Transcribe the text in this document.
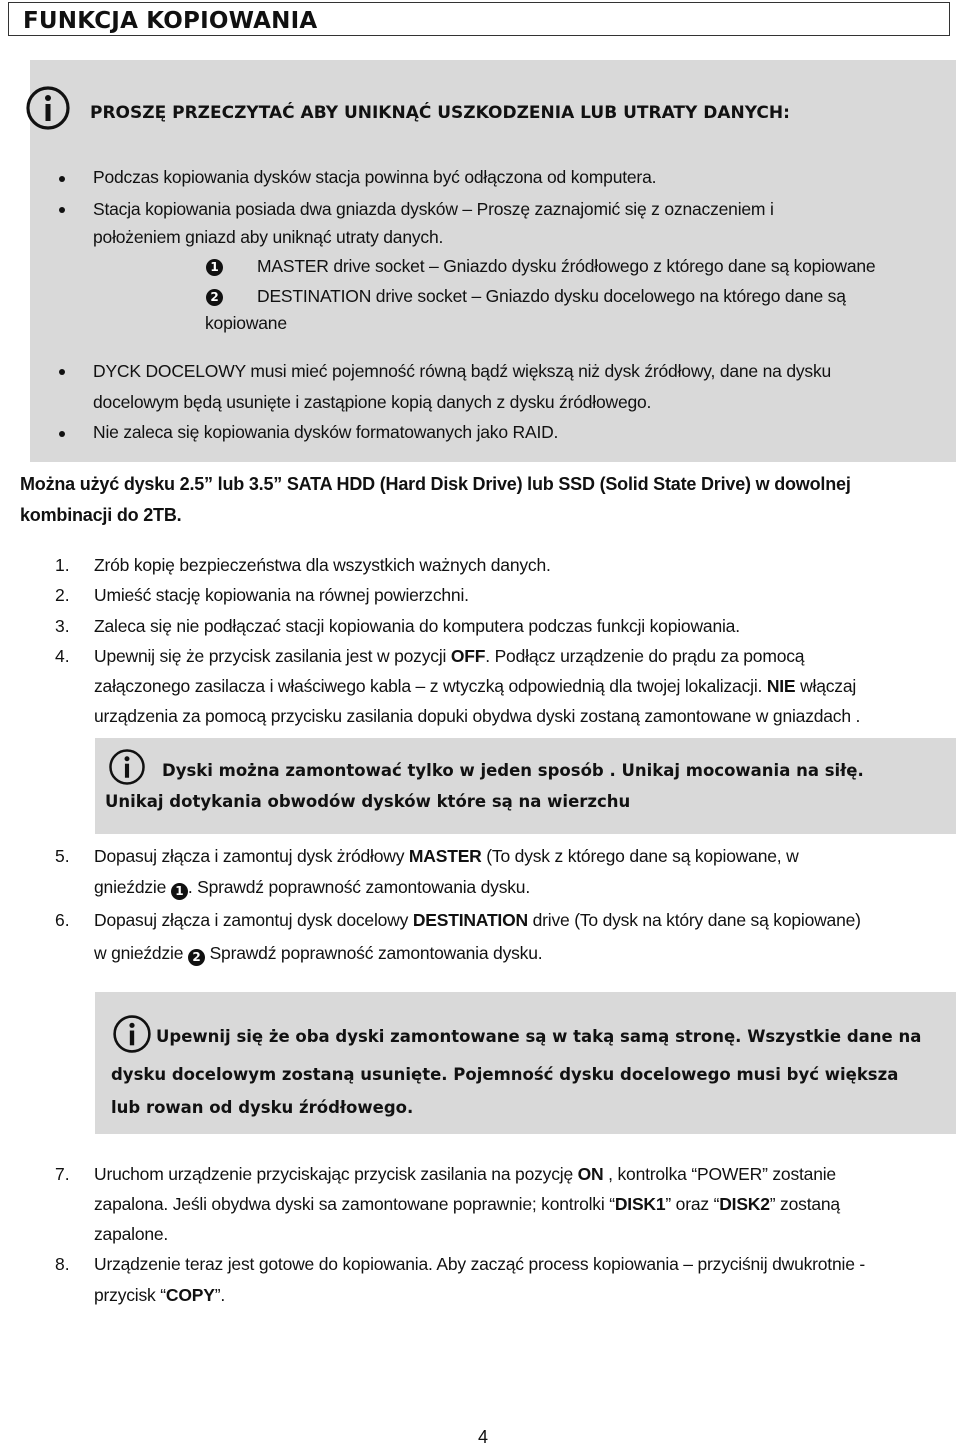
FUNKCJA KOPIOWANIA
PROSZĘ PRZECZYTAĆ ABY UNIKNĄĆ USZKODZENIA LUB UTRATY DANYCH:
Podczas kopiowania dysków stacja powinna być odłączona od komputera.
Stacja kopiowania posiada dwa gniazda dysków – Proszę zaznajomić się z oznaczeniem i
położeniem gniazd aby uniknąć utraty danych.
1 MASTER drive socket – Gniazdo dysku źródłowego z którego dane są kopiowane
2 DESTINATION drive socket – Gniazdo dysku docelowego na którego dane są
kopiowane
DYCK DOCELOWY musi mieć pojemność równą bądź większą niż dysk źródłowy, dane na dysku
docelowym będą usunięte i zastąpione kopią danych z dysku źródłowego.
Nie zaleca się kopiowania dysków formatowanych jako RAID.
Można użyć dysku 2.5” lub 3.5” SATA HDD (Hard Disk Drive) lub SSD (Solid State Drive) w dowolnej
kombinacji do 2TB.
1. Zrób kopię bezpieczeństwa dla wszystkich ważnych danych.
2. Umieść stację kopiowania na równej powierzchni.
3. Zaleca się nie podłączać stacji kopiowania do komputera podczas funkcji kopiowania.
4. Upewnij się że przycisk zasilania jest w pozycji OFF. Podłącz urządzenie do prądu za pomocą
załączonego zasilacza i właściwego kabla – z wtyczką odpowiednią dla twojej lokalizacji. NIE włączaj
urządzenia za pomocą przycisku zasilania dopuki obydwa dyski zostaną zamontowane w gniazdach .
Dyski można zamontować tylko w jeden sposób . Unikaj mocowania na siłę.
Unikaj dotykania obwodów dysków które są na wierzchu
5. Dopasuj złącza i zamontuj dysk żródłowy MASTER (To dysk z którego dane są kopiowane, w
gnieździe 1 . Sprawdź poprawność zamontowania dysku.
6. Dopasuj złącza i zamontuj dysk docelowy DESTINATION drive (To dysk na który dane są kopiowane)
w gnieździe 2 Sprawdź poprawność zamontowania dysku.
Upewnij się że oba dyski zamontowane są w taką samą stronę. Wszystkie dane na
dysku docelowym zostaną usunięte. Pojemność dysku docelowego musi być większa
lub rowan od dysku źródłowego.
7. Uruchom urządzenie przyciskając przycisk zasilania na pozycję ON , kontrolka “POWER” zostanie
zapalona. Jeśli obydwa dyski sa zamontowane poprawnie; kontrolki “DISK1” oraz “DISK2” zostaną
zapalone.
8. Urządzenie teraz jest gotowe do kopiowania. Aby zacząć process kopiowania – przyciśnij dwukrotnie -
przycisk “COPY”.
4
